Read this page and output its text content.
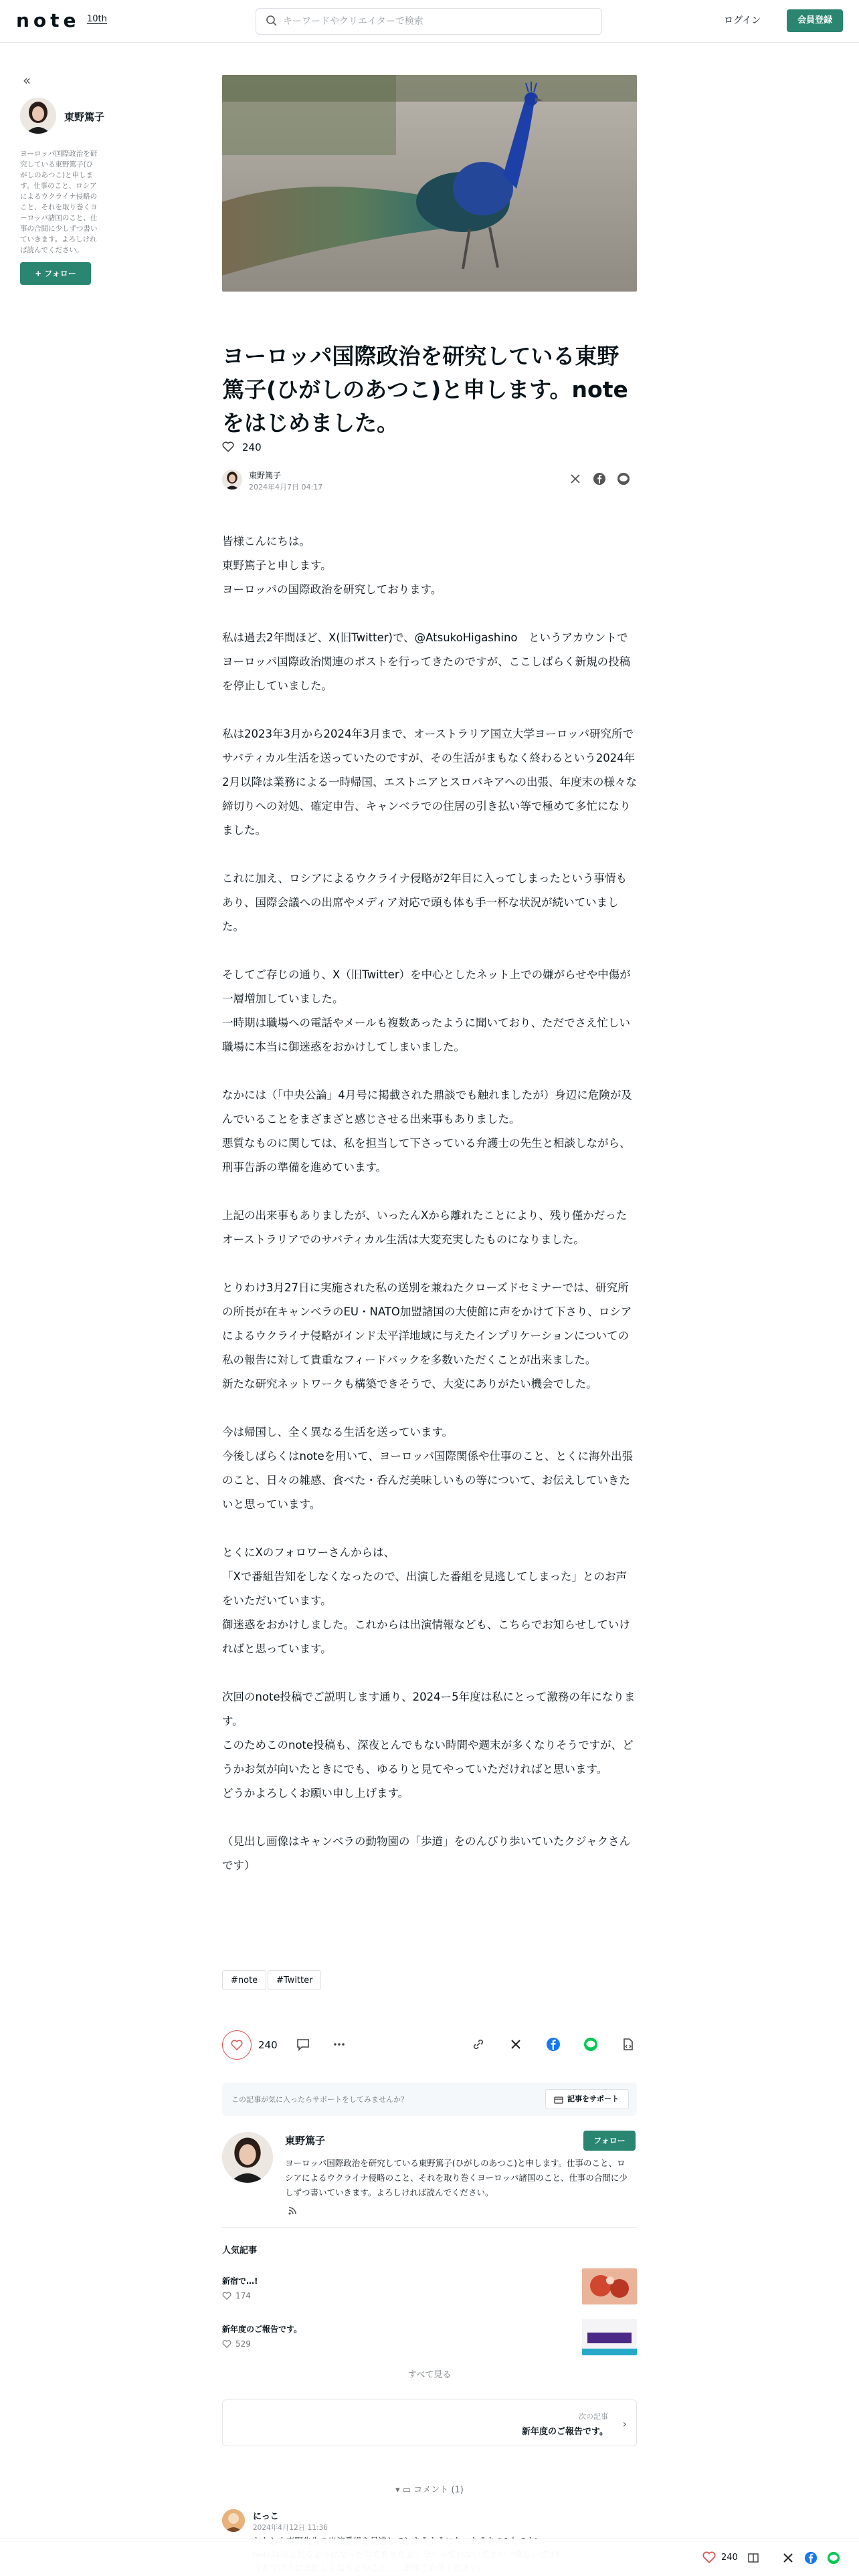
note 10th
キーワードやクリエイターで検索	ログイン	会員登録
«
東野篤子
ヨーロッパ国際政治を研究している東野篤子(ひがしのあつこ)と申します。仕事のこと、ロシアによるウクライナ侵略のこと、それを取り巻くヨーロッパ諸国のこと、仕事の合間に少しずつ書いていきます。よろしければ読んでください。
+ フォロー
ヨーロッパ国際政治を研究している東野篤子(ひがしのあつこ)と申します。noteをはじめました。
240
東野篤子
2024年4月7日 04:17

皆様こんにちは。
東野篤子と申します。
ヨーロッパの国際政治を研究しております。

私は過去2年間ほど、X(旧Twitter)で、@AtsukoHigashino　というアカウントでヨーロッパ国際政治関連のポストを行ってきたのですが、ここしばらく新規の投稿を停止していました。

私は2023年3月から2024年3月まで、オーストラリア国立大学ヨーロッパ研究所でサバティカル生活を送っていたのですが、その生活がまもなく終わるという2024年2月以降は業務による一時帰国、エストニアとスロバキアへの出張、年度末の様々な締切りへの対処、確定申告、キャンベラでの住居の引き払い等で極めて多忙になりました。

これに加え、ロシアによるウクライナ侵略が2年目に入ってしまったという事情もあり、国際会議への出席やメディア対応で頭も体も手一杯な状況が続いていました。

そしてご存じの通り、X（旧Twitter）を中心としたネット上での嫌がらせや中傷が一層増加していました。
一時期は職場への電話やメールも複数あったように聞いており、ただでさえ忙しい職場に本当に御迷惑をおかけしてしまいました。

なかには（「中央公論」4月号に掲載された鼎談でも触れましたが）身辺に危険が及んでいることをまざまざと感じさせる出来事もありました。
悪質なものに関しては、私を担当して下さっている弁護士の先生と相談しながら、刑事告訴の準備を進めています。

上記の出来事もありましたが、いったんXから離れたことにより、残り僅かだったオーストラリアでのサバティカル生活は大変充実したものになりました。

とりわけ3月27日に実施された私の送別を兼ねたクローズドセミナーでは、研究所の所長が在キャンベラのEU・NATO加盟諸国の大使館に声をかけて下さり、ロシアによるウクライナ侵略がインド太平洋地域に与えたインプリケーションについての私の報告に対して貴重なフィードバックを多数いただくことが出来ました。
新たな研究ネットワークも構築できそうで、大変にありがたい機会でした。

今は帰国し、全く異なる生活を送っています。
今後しばらくはnoteを用いて、ヨーロッパ国際関係や仕事のこと、とくに海外出張のこと、日々の雑感、食べた・呑んだ美味しいもの等について、お伝えしていきたいと思っています。

とくにXのフォロワーさんからは、
「Xで番組告知をしなくなったので、出演した番組を見逃してしまった」とのお声をいただいています。
御迷惑をおかけしました。これからは出演情報なども、こちらでお知らせしていければと思っています。

次回のnote投稿でご説明します通り、2024ー5年度は私にとって激務の年になります。
このためこのnote投稿も、深夜とんでもない時間や週末が多くなりそうですが、どうかお気が向いたときにでも、ゆるりと見てやっていただければと思います。
どうかよろしくお願い申し上げます。

（見出し画像はキャンベラの動物園の「歩道」をのんびり歩いていたクジャクさんです）

#note	#Twitter
240
この記事が気に入ったらサポートをしてみませんか？	記事をサポート
東野篤子	フォロー
ヨーロッパ国際政治を研究している東野篤子(ひがしのあつこ)と申します。仕事のこと、ロシアによるウクライナ侵略のこと、それを取り巻くヨーロッパ諸国のこと、仕事の合間に少しずつ書いていきます。よろしければ読んでください。
人気記事
新宿で…!
174
新年度のご報告です。
529
すべて見る
次の記事
新年度のご報告です。
›
▾ ▭ コメント (1)
にっこ
2024年4月12日 11:36
240
